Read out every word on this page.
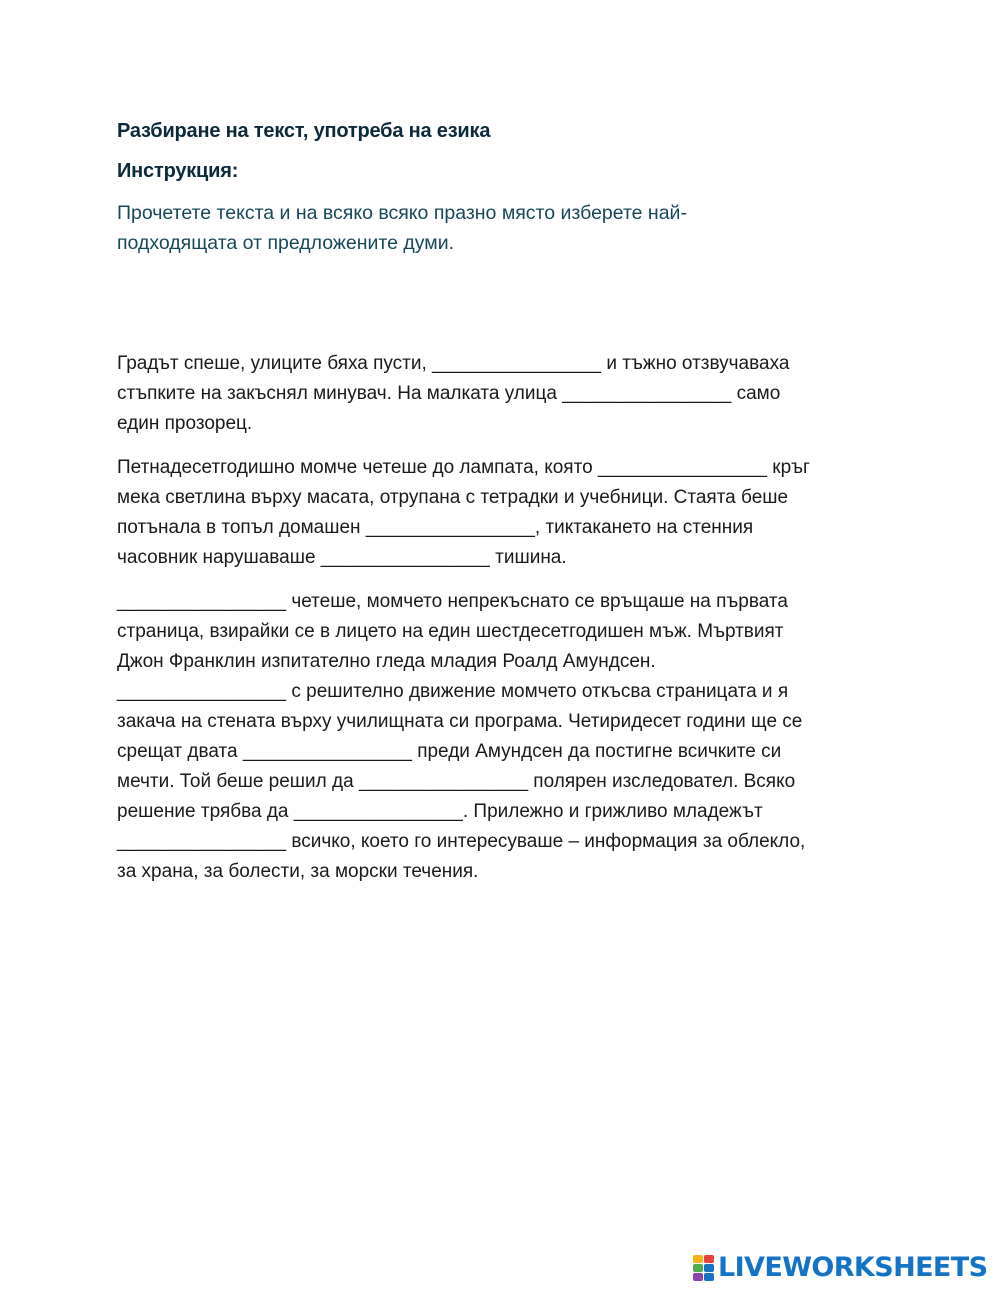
Разбиране на текст, употреба на езика
Инструкция:
Прочетете текста и на всяко всяко празно място изберете най-
подходящата от предложените думи.
Градът спеше, улиците бяха пусти, ________________ и тъжно отзвучаваха
стъпките на закъснял минувач. На малката улица ________________ само
един прозорец.
Петнадесетгодишно момче четеше до лампата, която ________________ кръг
мека светлина върху масата, отрупана с тетрадки и учебници. Стаята беше
потънала в топъл домашен ________________, тиктакането на стенния
часовник нарушаваше ________________ тишина.
________________ четеше, момчето непрекъснато се връщаше на първата
страница, взирайки се в лицето на един шестдесетгодишен мъж. Мъртвият
Джон Франклин изпитателно гледа младия Роалд Амундсен.
________________ с решително движение момчето откъсва страницата и я
закача на стената върху училищната си програма. Четиридесет години ще се
срещат двата ________________ преди Амундсен да постигне всичките си
мечти. Той беше решил да ________________ полярен изследовател. Всяко
решение трябва да ________________. Прилежно и грижливо младежът
________________ всичко, което го интересуваше – информация за облекло,
за храна, за болести, за морски течения.
LIVEWORKSHEETS
